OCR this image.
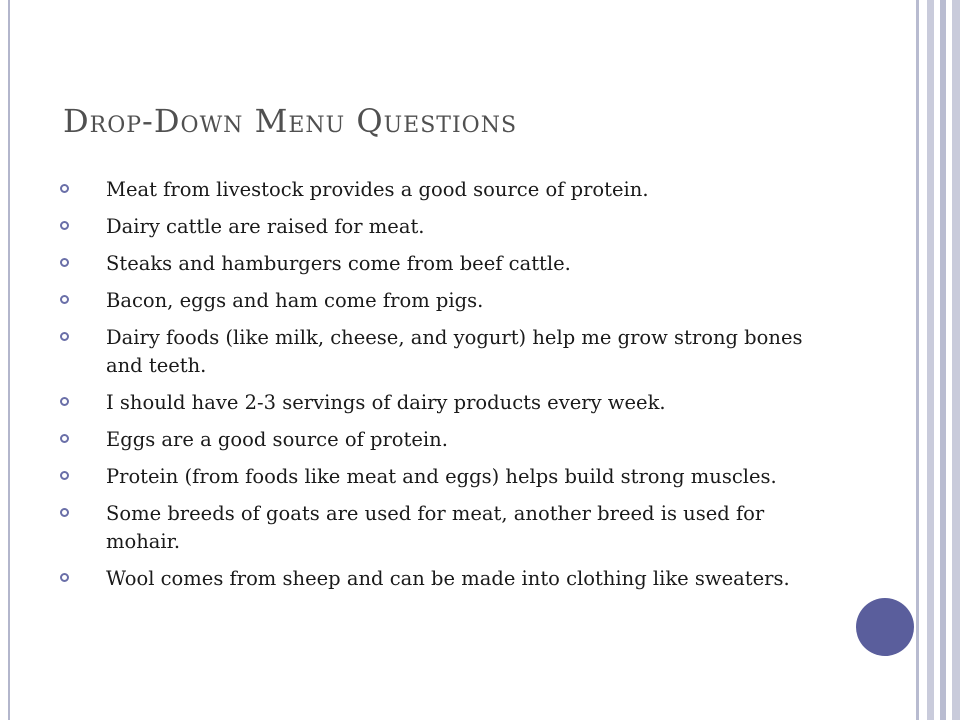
Drop-Down Menu Questions
Meat from livestock provides a good source of protein.
Dairy cattle are raised for meat.
Steaks and hamburgers come from beef cattle.
Bacon, eggs and ham come from pigs.
Dairy foods (like milk, cheese, and yogurt) help me grow strong bones and teeth.
I should have 2-3 servings of dairy products every week.
Eggs are a good source of protein.
Protein (from foods like meat and eggs) helps build strong muscles.
Some breeds of goats are used for meat, another breed is used for mohair.
Wool comes from sheep and can be made into clothing like sweaters.
